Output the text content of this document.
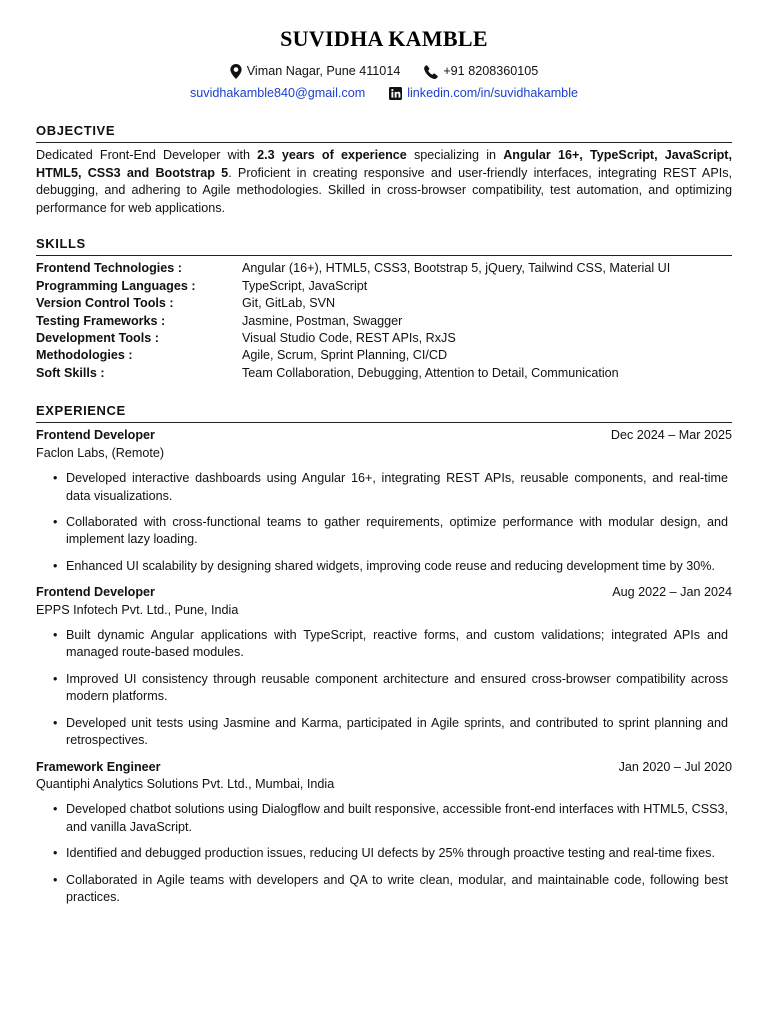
SUVIDHA KAMBLE
Viman Nagar, Pune 411014	+91 8208360105
suvidhakamble840@gmail.com	linkedin.com/in/suvidhakamble
OBJECTIVE
Dedicated Front-End Developer with 2.3 years of experience specializing in Angular 16+, TypeScript, JavaScript, HTML5, CSS3 and Bootstrap 5. Proficient in creating responsive and user-friendly interfaces, integrating REST APIs, debugging, and adhering to Agile methodologies. Skilled in cross-browser compatibility, test automation, and optimizing performance for web applications.
SKILLS
Frontend Technologies :	Angular (16+), HTML5, CSS3, Bootstrap 5, jQuery, Tailwind CSS, Material UI
Programming Languages :	TypeScript, JavaScript
Version Control Tools :	Git, GitLab, SVN
Testing Frameworks :	Jasmine, Postman, Swagger
Development Tools :	Visual Studio Code, REST APIs, RxJS
Methodologies :	Agile, Scrum, Sprint Planning, CI/CD
Soft Skills :	Team Collaboration, Debugging, Attention to Detail, Communication
EXPERIENCE
Frontend Developer	Dec 2024 – Mar 2025
Faclon Labs, (Remote)
• Developed interactive dashboards using Angular 16+, integrating REST APIs, reusable components, and real-time data visualizations.
• Collaborated with cross-functional teams to gather requirements, optimize performance with modular design, and implement lazy loading.
• Enhanced UI scalability by designing shared widgets, improving code reuse and reducing development time by 30%.
Frontend Developer	Aug 2022 – Jan 2024
EPPS Infotech Pvt. Ltd., Pune, India
• Built dynamic Angular applications with TypeScript, reactive forms, and custom validations; integrated APIs and managed route-based modules.
• Improved UI consistency through reusable component architecture and ensured cross-browser compatibility across modern platforms.
• Developed unit tests using Jasmine and Karma, participated in Agile sprints, and contributed to sprint planning and retrospectives.
Framework Engineer	Jan 2020 – Jul 2020
Quantiphi Analytics Solutions Pvt. Ltd., Mumbai, India
• Developed chatbot solutions using Dialogflow and built responsive, accessible front-end interfaces with HTML5, CSS3, and vanilla JavaScript.
• Identified and debugged production issues, reducing UI defects by 25% through proactive testing and real-time fixes.
• Collaborated in Agile teams with developers and QA to write clean, modular, and maintainable code, following best practices.
